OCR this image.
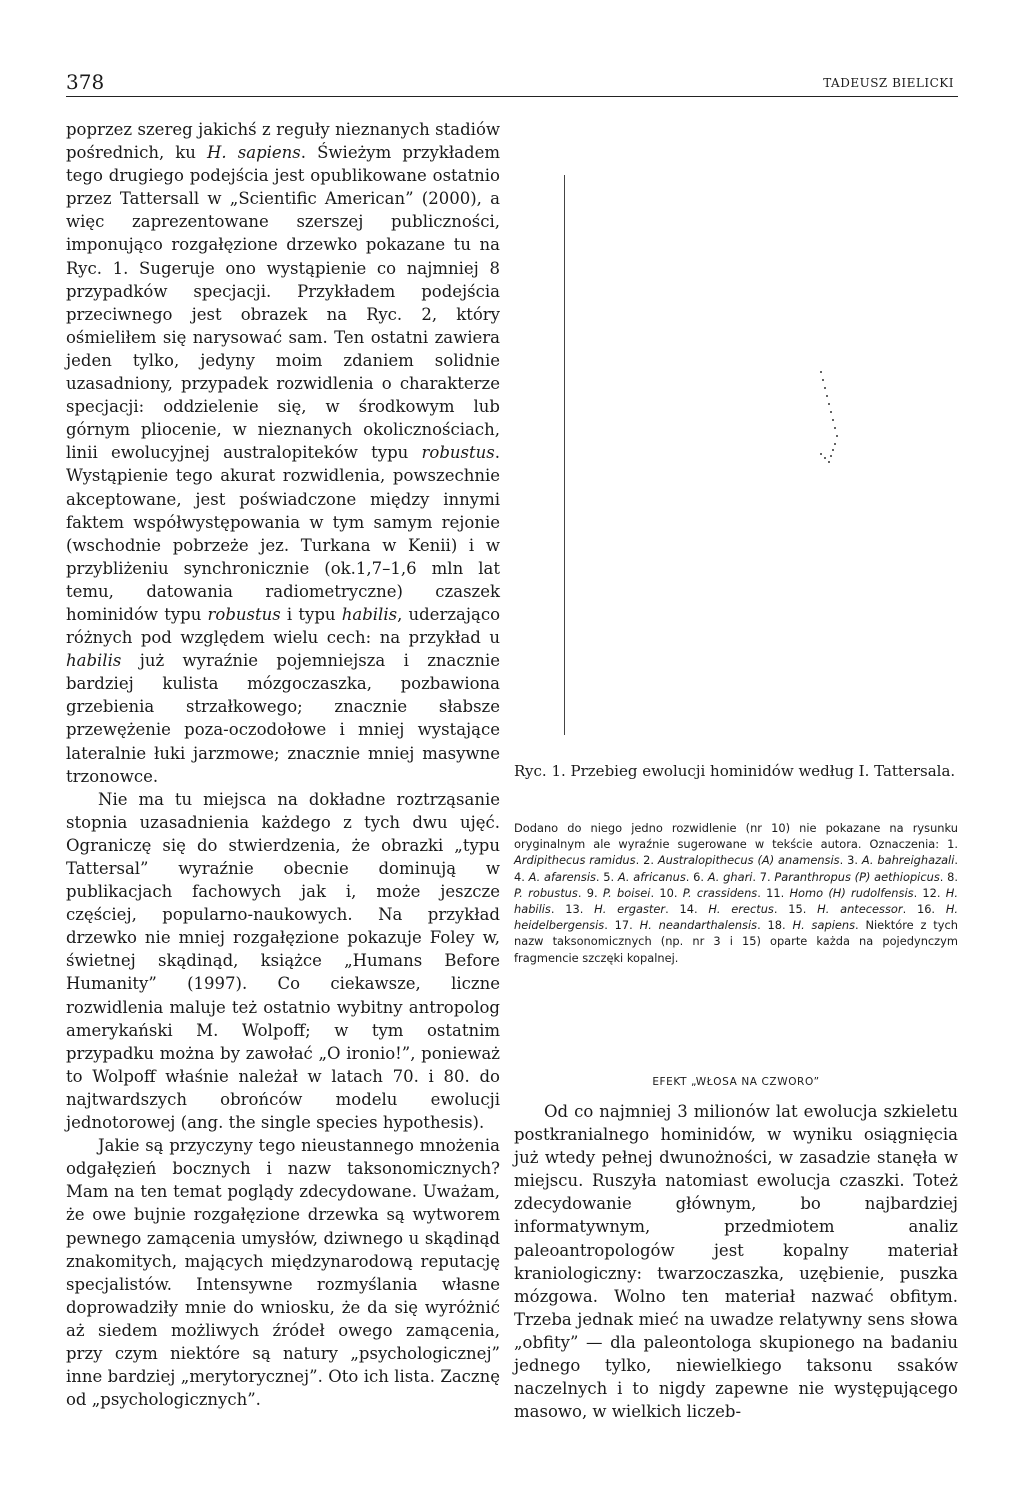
378	TADEUSZ BIELICKI

poprzez szereg jakichś z reguły nieznanych stadiów pośrednich, ku H. sapiens. Świeżym przykładem tego drugiego podejścia jest opublikowane ostatnio przez Tattersall w „Scientific American” (2000), a więc zaprezentowane szerszej publiczności, imponująco rozgałęzione drzewko pokazane tu na Ryc. 1. Sugeruje ono wystąpienie co najmniej 8 przypadków specjacji. Przykładem podejścia przeciwnego jest obrazek na Ryc. 2, który ośmieliłem się narysować sam. Ten ostatni zawiera jeden tylko, jedyny moim zdaniem solidnie uzasadniony, przypadek rozwidlenia o charakterze specjacji: oddzielenie się, w środkowym lub górnym pliocenie, w nieznanych okolicznościach, linii ewolucyjnej australopiteków typu robustus. Wystąpienie tego akurat rozwidlenia, powszechnie akceptowane, jest poświadczone między innymi faktem współwystępowania w tym samym rejonie (wschodnie pobrzeże jez. Turkana w Kenii) i w przybliżeniu synchronicznie (ok.1,7–1,6 mln lat temu, datowania radiometryczne) czaszek hominidów typu robustus i typu habilis, uderzająco różnych pod względem wielu cech: na przykład u habilis już wyraźnie pojemniejsza i znacznie bardziej kulista mózgoczaszka, pozbawiona grzebienia strzałkowego; znacznie słabsze przewężenie poza-oczodołowe i mniej wystające lateralnie łuki jarzmowe; znacznie mniej masywne trzonowce.

Nie ma tu miejsca na dokładne roztrząsanie stopnia uzasadnienia każdego z tych dwu ujęć. Ograniczę się do stwierdzenia, że obrazki „typu Tattersal” wyraźnie obecnie dominują w publikacjach fachowych jak i, może jeszcze częściej, popularno-naukowych. Na przykład drzewko nie mniej rozgałęzione pokazuje Foley w, świetnej skądinąd, książce „Humans Before Humanity” (1997). Co ciekawsze, liczne rozwidlenia maluje też ostatnio wybitny antropolog amerykański M. Wolpoff; w tym ostatnim przypadku można by zawołać „O ironio!”, ponieważ to Wolpoff właśnie należał w latach 70. i 80. do najtwardszych obrońców modelu ewolucji jednotorowej (ang. the single species hypothesis).

Jakie są przyczyny tego nieustannego mnożenia odgałęzień bocznych i nazw taksonomicznych? Mam na ten temat poglądy zdecydowane. Uważam, że owe bujnie rozgałęzione drzewka są wytworem pewnego zamącenia umysłów, dziwnego u skądinąd znakomitych, mających międzynarodową reputację specjalistów. Intensywne rozmyślania własne doprowadziły mnie do wniosku, że da się wyróżnić aż siedem możliwych źródeł owego zamącenia, przy czym niektóre są natury „psychologicznej” inne bardziej „merytorycznej”. Oto ich lista. Zacznę od „psychologicznych”.

Ryc. 1. Przebieg ewolucji hominidów według I. Tattersala.
Dodano do niego jedno rozwidlenie (nr 10) nie pokazane na rysunku oryginalnym ale wyraźnie sugerowane w tekście autora. Oznaczenia: 1. Ardipithecus ramidus. 2. Australopithecus (A) anamensis. 3. A. bahreighazali. 4. A. afarensis. 5. A. africanus. 6. A. ghari. 7. Paranthropus (P) aethiopicus. 8. P. robustus. 9. P. boisei. 10. P. crassidens. 11. Homo (H) rudolfensis. 12. H. habilis. 13. H. ergaster. 14. H. erectus. 15. H. antecessor. 16. H. heidelbergensis. 17. H. neandarthalensis. 18. H. sapiens. Niektóre z tych nazw taksonomicznych (np. nr 3 i 15) oparte każda na pojedynczym fragmencie szczęki kopalnej.
EFEKT „WŁOSA NA CZWORO”

Od co najmniej 3 milionów lat ewolucja szkieletu postkranialnego hominidów, w wyniku osiągnięcia już wtedy pełnej dwunożności, w zasadzie stanęła w miejscu. Ruszyła natomiast ewolucja czaszki. Toteż zdecydowanie głównym, bo najbardziej informatywnym, przedmiotem analiz paleoantropologów jest kopalny materiał kraniologiczny: twarzoczaszka, uzębienie, puszka mózgowa. Wolno ten materiał nazwać obfitym. Trzeba jednak mieć na uwadze relatywny sens słowa „obfity” — dla paleontologa skupionego na badaniu jednego tylko, niewielkiego taksonu ssaków naczelnych i to nigdy zapewne nie występującego masowo, w wielkich liczeb-
